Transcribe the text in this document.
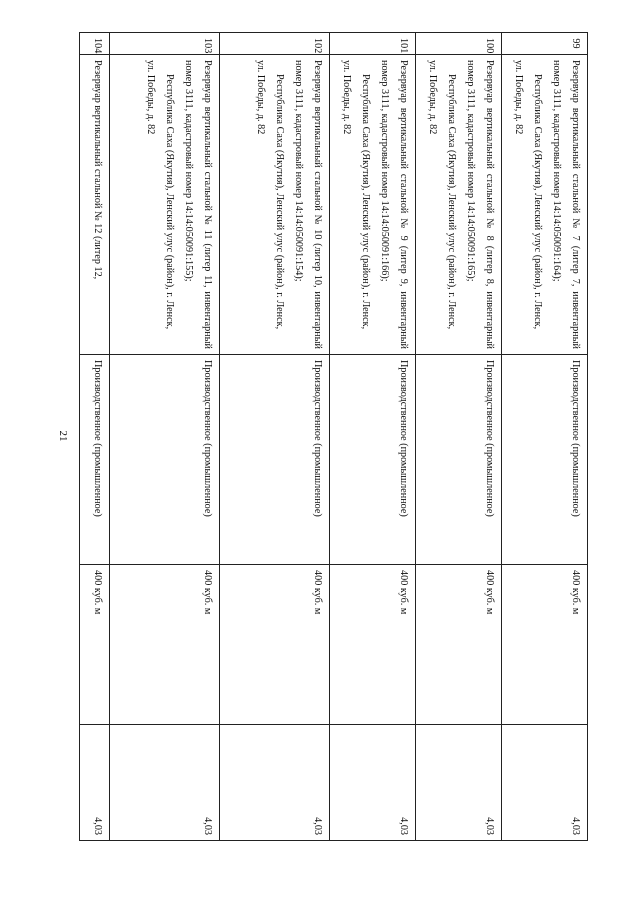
21
99	Резервуар вертикальный стальной № 7 (литер 7, инвентарный номер 3111, кадастровый номер 14:14:050091:164);
Республика Саха (Якутия), Ленский улус (район), г. Ленск,
ул. Победы, д. 82	Производственное (промышленное)	400 куб. м	4,03
100	Резервуар вертикальный стальной № 8 (литер 8, инвентарный номер 3111, кадастровый номер 14:14:050091:165);
Республика Саха (Якутия), Ленский улус (район), г. Ленск,
ул. Победы, д. 82	Производственное (промышленное)	400 куб. м	4,03
101	Резервуар вертикальный стальной № 9 (литер 9, инвентарный номер 3111, кадастровый номер 14:14:050091:166);
Республика Саха (Якутия), Ленский улус (район), г. Ленск,
ул. Победы, д. 82	Производственное (промышленное)	400 куб. м	4,03
102	Резервуар вертикальный стальной № 10 (литер 10, инвентарный номер 3111, кадастровый номер 14:14:050091:154);
Республика Саха (Якутия), Ленский улус (район), г. Ленск,
ул. Победы, д. 82	Производственное (промышленное)	400 куб. м	4,03
103	Резервуар вертикальный стальной № 11 (литер 11, инвентарный номер 3111, кадастровый номер 14:14:050091:155);
Республика Саха (Якутия), Ленский улус (район), г. Ленск,
ул. Победы, д. 82	Производственное (промышленное)	400 куб. м	4,03
104	Резервуар вертикальный стальной № 12 (литер 12,	Производственное (промышленное)	400 куб. м	4,03
